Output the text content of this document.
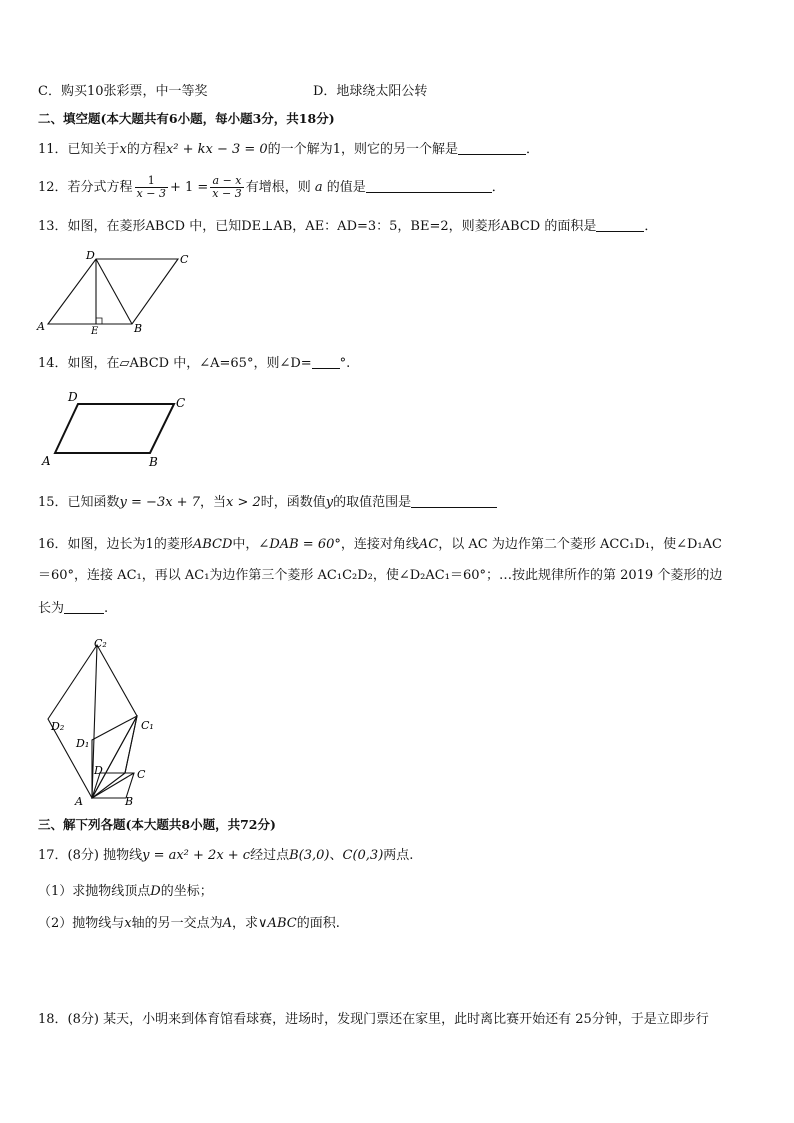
C．购买10张彩票，中一等奖	D．地球绕太阳公转
二、填空题(本大题共有6小题，每小题3分，共18分)
11．已知关于x的方程x² + kx − 3 = 0的一个解为1，则它的另一个解是	．
12．若分式方程 $\frac{1}{x - 3} + 1 = \frac{a - x}{x - 3}$ 有增根，则 a 的值是	．
13．如图，在菱形ABCD 中，已知DE⊥AB，AE：AD=3：5，BE=2，则菱形ABCD 的面积是	．
D	C
A	E	B
14．如图，在▱ABCD 中，∠A=65°，则∠D= °.
D	C
A	B
15．已知函数y = −3x + 7，当x > 2时，函数值y的取值范围是
16．如图，边长为1的菱形ABCD中，∠DAB = 60°，连接对角线AC，以 AC 为边作第二个菱形 ACC₁D₁，使∠D₁AC
＝60°，连接 AC₁，再以 AC₁为边作第三个菱形 AC₁C₂D₂，使∠D₂AC₁＝60°；…按此规律所作的第 2019 个菱形的边
长为	.
C₂
D₂	C₁
D₁
D	C
A	B
三、解下列各题(本大题共8小题，共72分)
17．(8分) 抛物线y = ax² + 2x + c经过点B(3,0)、C(0,3)两点.
（1）求抛物线顶点D的坐标；
（2）抛物线与x轴的另一交点为A，求∨ABC的面积.
18．(8分) 某天，小明来到体育馆看球赛，进场时，发现门票还在家里，此时离比赛开始还有 25分钟，于是立即步行
